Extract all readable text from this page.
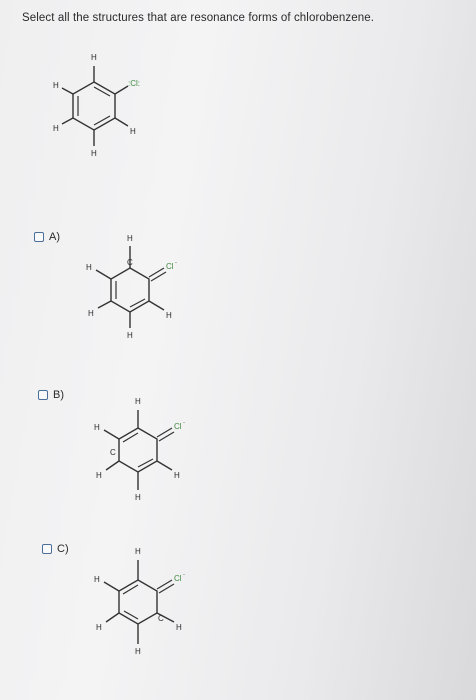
Select all the structures that are resonance forms of chlorobenzene.
H
H
H
H
H
:Cl:
A)	H
C
H
H
H
H
Cl -
B)
H
C
H
H
H
H
Cl -
C)	H
C
H
H
H
H
Cl -
